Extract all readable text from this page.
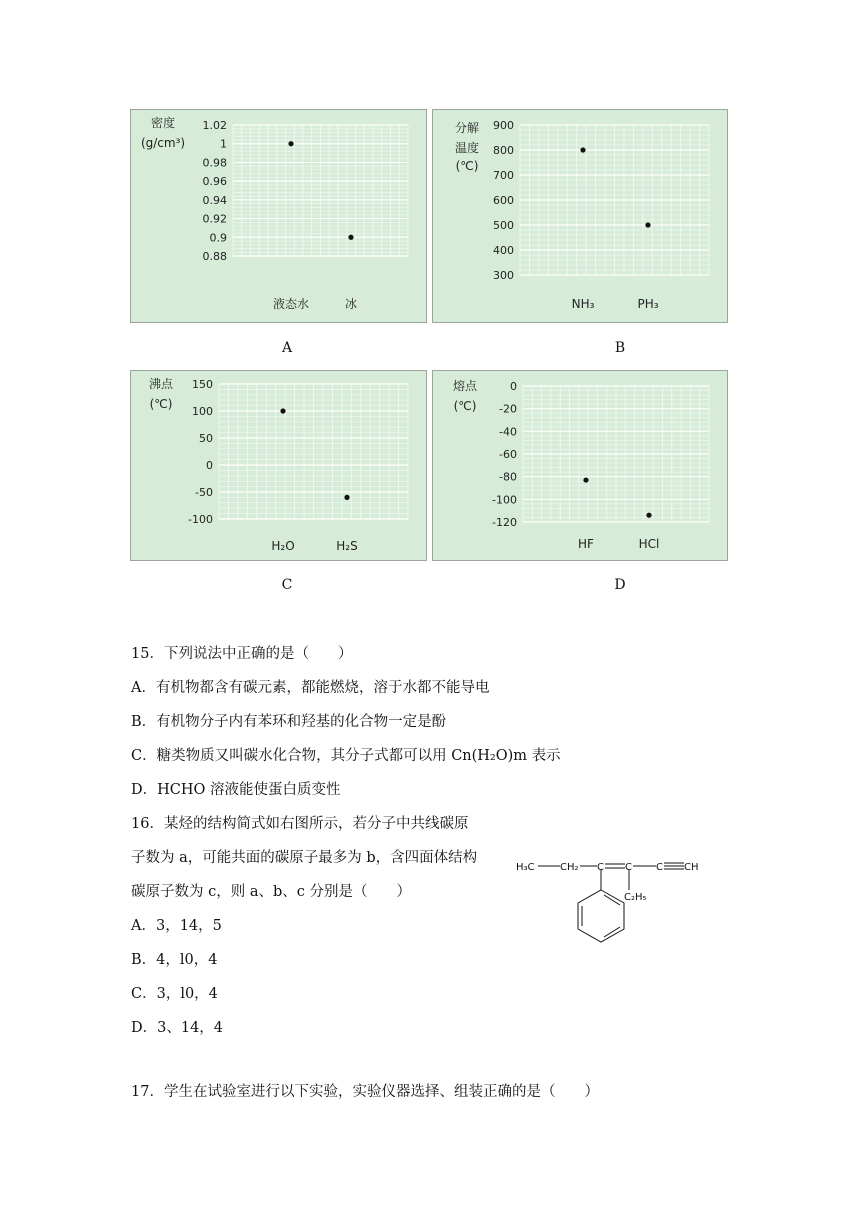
1.02
1
0.98
0.96
0.94
0.92
0.9
0.88
密度
(g/cm³)
液态水	冰
A
900
800
700
600
500
400
300
分解
温度
(℃)
NH₃	PH₃
B
150
100
50
0
-50
-100
沸点
(℃)
H₂O	H₂S
C
0
-20
-40
-60
-80
-100
-120
熔点
(℃)
HF	HCl
D
15．下列说法中正确的是（　　）
A．有机物都含有碳元素，都能燃烧，溶于水都不能导电
B．有机物分子内有苯环和羟基的化合物一定是酚
C．糖类物质又叫碳水化合物，其分子式都可以用 Cn(H₂O)m 表示
D．HCHO 溶液能使蛋白质变性
16．某烃的结构简式如右图所示，若分子中共线碳原
子数为 a，可能共面的碳原子最多为 b，含四面体结构
碳原子数为 c，则 a、b、c 分别是（　　）
A．3，14，5
B．4，l0，4
C．3，l0，4
D．3、14，4
H₃C	CH₂ C C C CH
C₂H₅
17．学生在试验室进行以下实验，实验仪器选择、组装正确的是（　　）
